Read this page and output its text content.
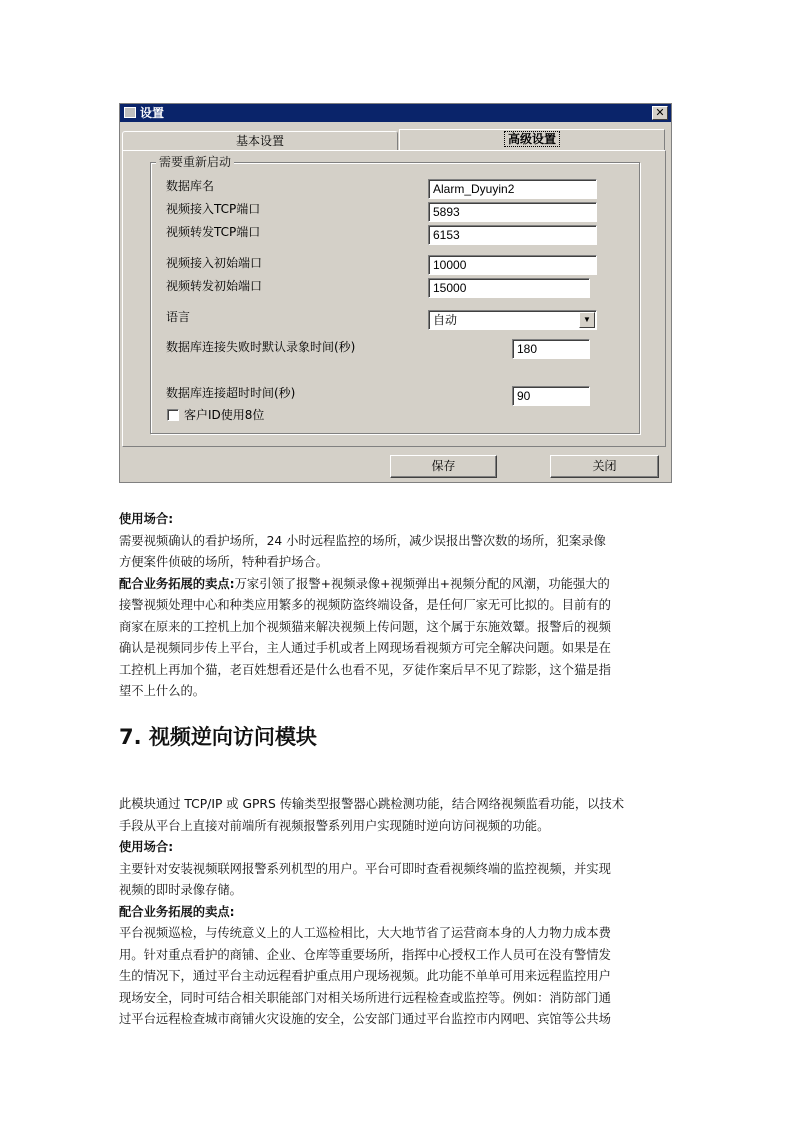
设置	✕
基本设置	高级设置
需要重新启动
数据库名	Alarm_Dyuyin2
视频接入TCP端口	5893
视频转发TCP端口	6153
视频接入初始端口	10000
视频转发初始端口	15000
语言	自动	▼
数据库连接失败时默认录象时间(秒)	180
数据库连接超时时间(秒)	90
客户ID使用8位
保存	关闭

使用场合:

需要视频确认的看护场所，24 小时远程监控的场所，减少误报出警次数的场所，犯案录像

方便案件侦破的场所，特种看护场合。

配合业务拓展的卖点:万家引领了报警+视频录像+视频弹出+视频分配的风潮，功能强大的

接警视频处理中心和种类应用繁多的视频防盗终端设备，是任何厂家无可比拟的。目前有的

商家在原来的工控机上加个视频猫来解决视频上传问题，这个属于东施效颦。报警后的视频

确认是视频同步传上平台，主人通过手机或者上网现场看视频方可完全解决问题。如果是在

工控机上再加个猫，老百姓想看还是什么也看不见，歹徒作案后早不见了踪影，这个猫是指

望不上什么的。

7. 视频逆向访问模块

此模块通过 TCP/IP 或 GPRS 传输类型报警器心跳检测功能，结合网络视频监看功能，以技术

手段从平台上直接对前端所有视频报警系列用户实现随时逆向访问视频的功能。

使用场合:

主要针对安装视频联网报警系列机型的用户。平台可即时查看视频终端的监控视频，并实现

视频的即时录像存储。

配合业务拓展的卖点:

平台视频巡检，与传统意义上的人工巡检相比，大大地节省了运营商本身的人力物力成本费

用。针对重点看护的商铺、企业、仓库等重要场所，指挥中心授权工作人员可在没有警情发

生的情况下，通过平台主动远程看护重点用户现场视频。此功能不单单可用来远程监控用户

现场安全，同时可结合相关职能部门对相关场所进行远程检查或监控等。例如：消防部门通

过平台远程检查城市商铺火灾设施的安全，公安部门通过平台监控市内网吧、宾馆等公共场
